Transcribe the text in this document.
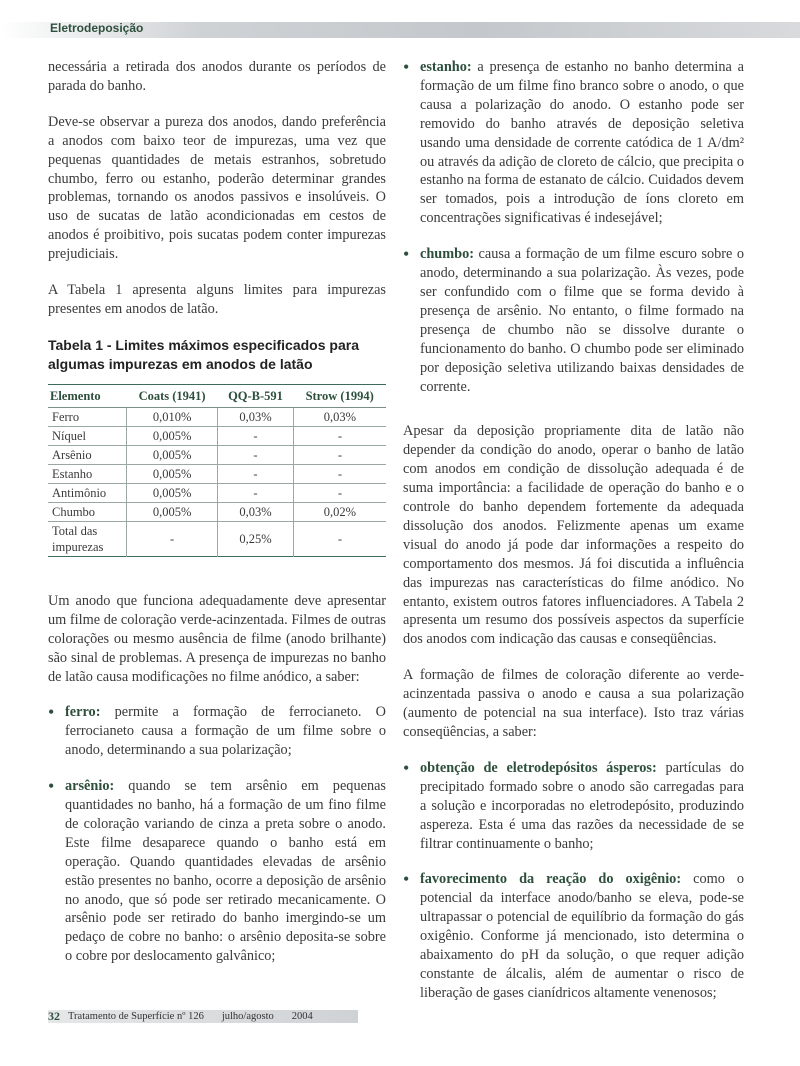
Eletrodeposição

necessária a retirada dos anodos durante os períodos de parada do banho.

Deve-se observar a pureza dos anodos, dando preferência a anodos com baixo teor de impurezas, uma vez que pequenas quantidades de metais estranhos, sobretudo chumbo, ferro ou estanho, poderão determinar grandes problemas, tornando os anodos passivos e insolúveis. O uso de sucatas de latão acondicionadas em cestos de anodos é proibitivo, pois sucatas podem conter impurezas prejudiciais.

A Tabela 1 apresenta alguns limites para impurezas presentes em anodos de latão.

Tabela 1 - Limites máximos especificados para algumas impurezas em anodos de latão
Elemento	Coats (1941)	QQ-B-591	Strow (1994)
Ferro	0,010%	0,03%	0,03%
Níquel	0,005%	-	-
Arsênio	0,005%	-	-
Estanho	0,005%	-	-
Antimônio	0,005%	-	-
Chumbo	0,005%	0,03%	0,02%
Total das impurezas	-	0,25%	-

Um anodo que funciona adequadamente deve apresentar um filme de coloração verde-acinzentada. Filmes de outras colorações ou mesmo ausência de filme (anodo brilhante) são sinal de problemas. A presença de impurezas no banho de latão causa modificações no filme anódico, a saber:

• ferro: permite a formação de ferrocianeto. O ferrocianeto causa a formação de um filme sobre o anodo, determinando a sua polarização;
• arsênio: quando se tem arsênio em pequenas quantidades no banho, há a formação de um fino filme de coloração variando de cinza a preta sobre o anodo. Este filme desaparece quando o banho está em operação. Quando quantidades elevadas de arsênio estão presentes no banho, ocorre a deposição de arsênio no anodo, que só pode ser retirado mecanicamente. O arsênio pode ser retirado do banho imergindo-se um pedaço de cobre no banho: o arsênio deposita-se sobre o cobre por deslocamento galvânico;
• estanho: a presença de estanho no banho determina a formação de um filme fino branco sobre o anodo, o que causa a polarização do anodo. O estanho pode ser removido do banho através de deposição seletiva usando uma densidade de corrente catódica de 1 A/dm² ou através da adição de cloreto de cálcio, que precipita o estanho na forma de estanato de cálcio. Cuidados devem ser tomados, pois a introdução de íons cloreto em concentrações significativas é indesejável;
• chumbo: causa a formação de um filme escuro sobre o anodo, determinando a sua polarização. Às vezes, pode ser confundido com o filme que se forma devido à presença de arsênio. No entanto, o filme formado na presença de chumbo não se dissolve durante o funcionamento do banho. O chumbo pode ser eliminado por deposição seletiva utilizando baixas densidades de corrente.

Apesar da deposição propriamente dita de latão não depender da condição do anodo, operar o banho de latão com anodos em condição de dissolução adequada é de suma importância: a facilidade de operação do banho e o controle do banho dependem fortemente da adequada dissolução dos anodos. Felizmente apenas um exame visual do anodo já pode dar informações a respeito do comportamento dos mesmos. Já foi discutida a influência das impurezas nas características do filme anódico. No entanto, existem outros fatores influenciadores. A Tabela 2 apresenta um resumo dos possíveis aspectos da superfície dos anodos com indicação das causas e conseqüências.

A formação de filmes de coloração diferente ao verde-acinzentada passiva o anodo e causa a sua polarização (aumento de potencial na sua interface). Isto traz várias conseqüências, a saber:

• obtenção de eletrodepósitos ásperos: partículas do precipitado formado sobre o anodo são carregadas para a solução e incorporadas no eletrodepósito, produzindo aspereza. Esta é uma das razões da necessidade de se filtrar continuamente o banho;
• favorecimento da reação do oxigênio: como o potencial da interface anodo/banho se eleva, pode-se ultrapassar o potencial de equilíbrio da formação do gás oxigênio. Conforme já mencionado, isto determina o abaixamento do pH da solução, o que requer adição constante de álcalis, além de aumentar o risco de liberação de gases cianídricos altamente venenosos;
32 Tratamento de Superfície nº 126 julho/agosto 2004
